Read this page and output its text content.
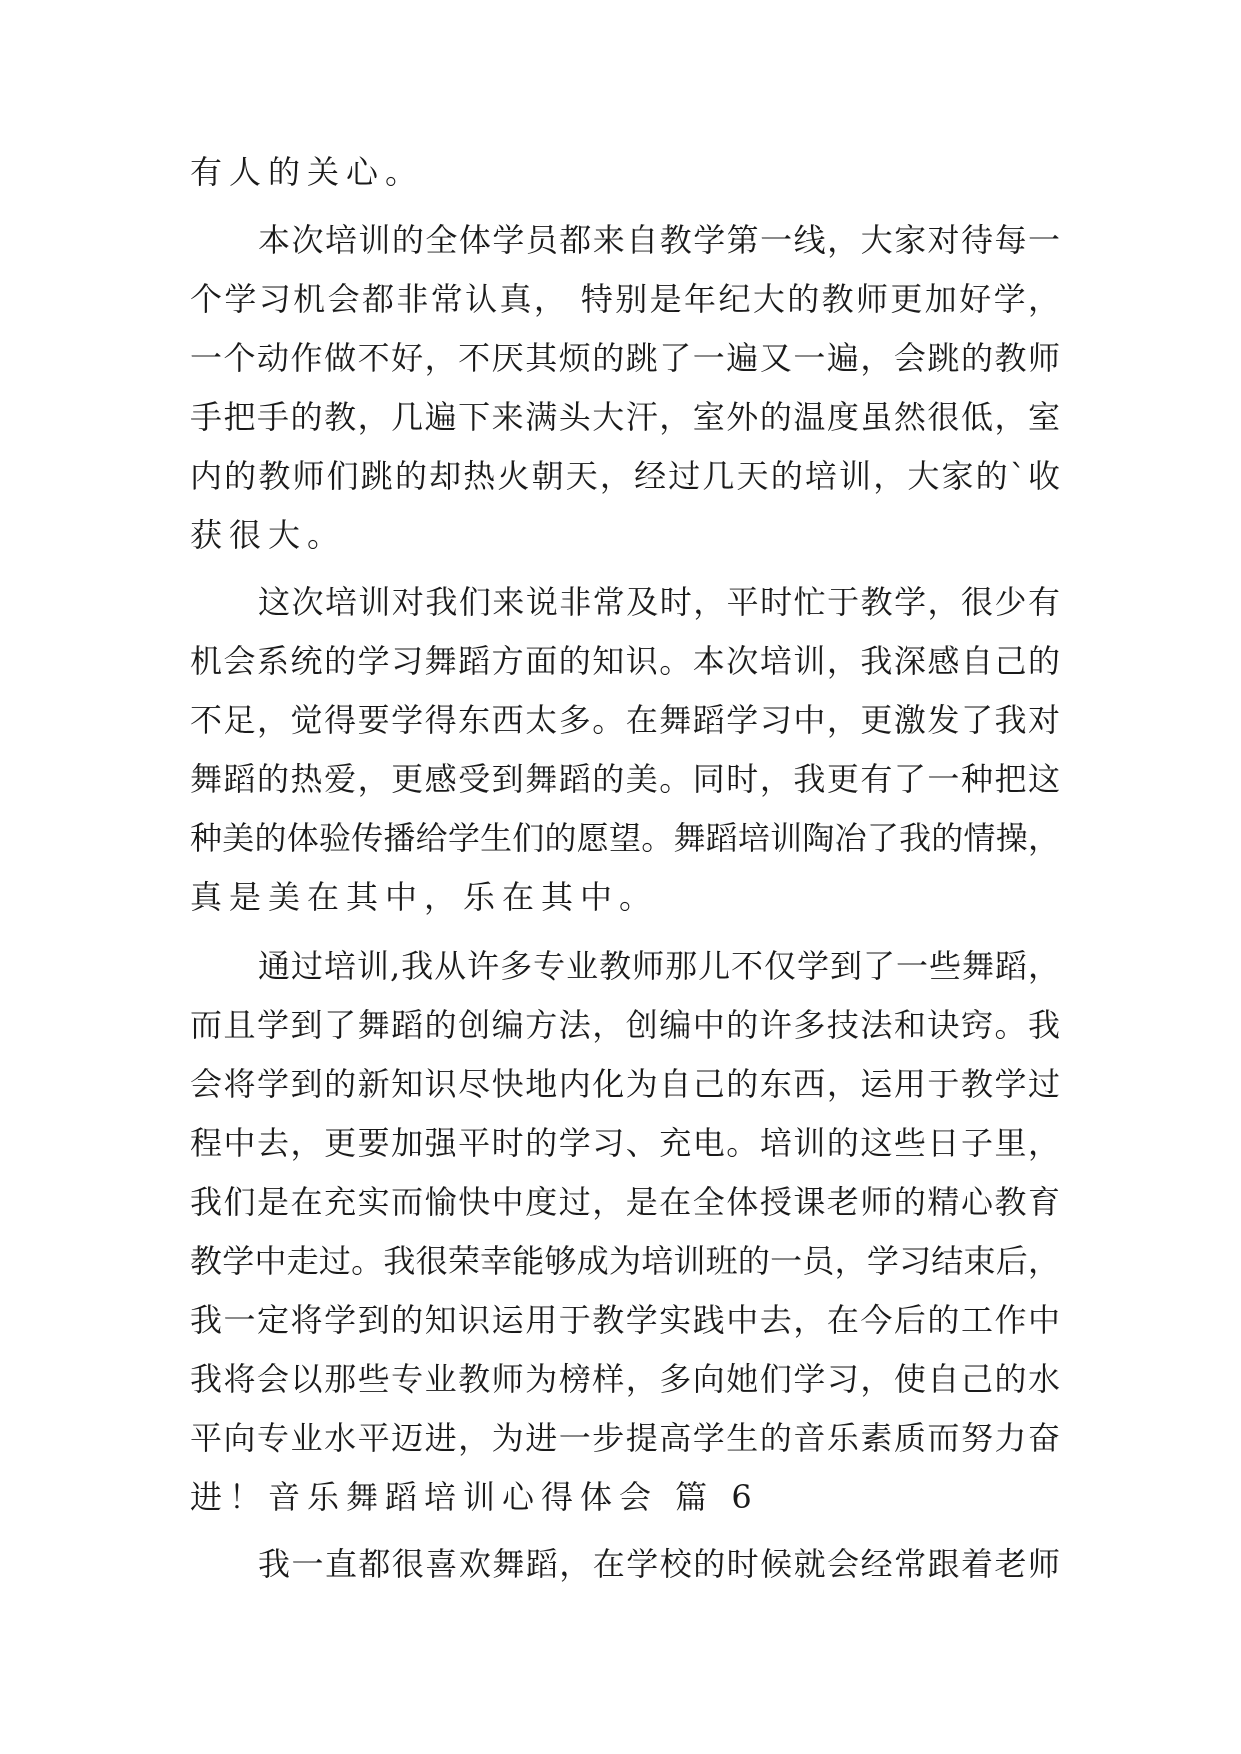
有人的关心。
本次培训的全体学员都来自教学第一线，大家对待每一
个学习机会都非常认真， 特别是年纪大的教师更加好学，
一个动作做不好，不厌其烦的跳了一遍又一遍，会跳的教师
手把手的教，几遍下来满头大汗，室外的温度虽然很低，室
内的教师们跳的却热火朝天，经过几天的培训，大家的`收
获很大。
这次培训对我们来说非常及时，平时忙于教学，很少有
机会系统的学习舞蹈方面的知识。本次培训，我深感自己的
不足，觉得要学得东西太多。在舞蹈学习中，更激发了我对
舞蹈的热爱，更感受到舞蹈的美。同时，我更有了一种把这
种美的体验传播给学生们的愿望。舞蹈培训陶冶了我的情操，
真是美在其中，乐在其中。
通过培训,我从许多专业教师那儿不仅学到了一些舞蹈，
而且学到了舞蹈的创编方法，创编中的许多技法和诀窍。我
会将学到的新知识尽快地内化为自己的东西，运用于教学过
程中去，更要加强平时的学习、充电。培训的这些日子里，
我们是在充实而愉快中度过，是在全体授课老师的精心教育
教学中走过。我很荣幸能够成为培训班的一员，学习结束后，
我一定将学到的知识运用于教学实践中去，在今后的工作中
我将会以那些专业教师为榜样，多向她们学习，使自己的水
平向专业水平迈进，为进一步提高学生的音乐素质而努力奋
进！音乐舞蹈培训心得体会 篇 6
我一直都很喜欢舞蹈，在学校的时候就会经常跟着老师
